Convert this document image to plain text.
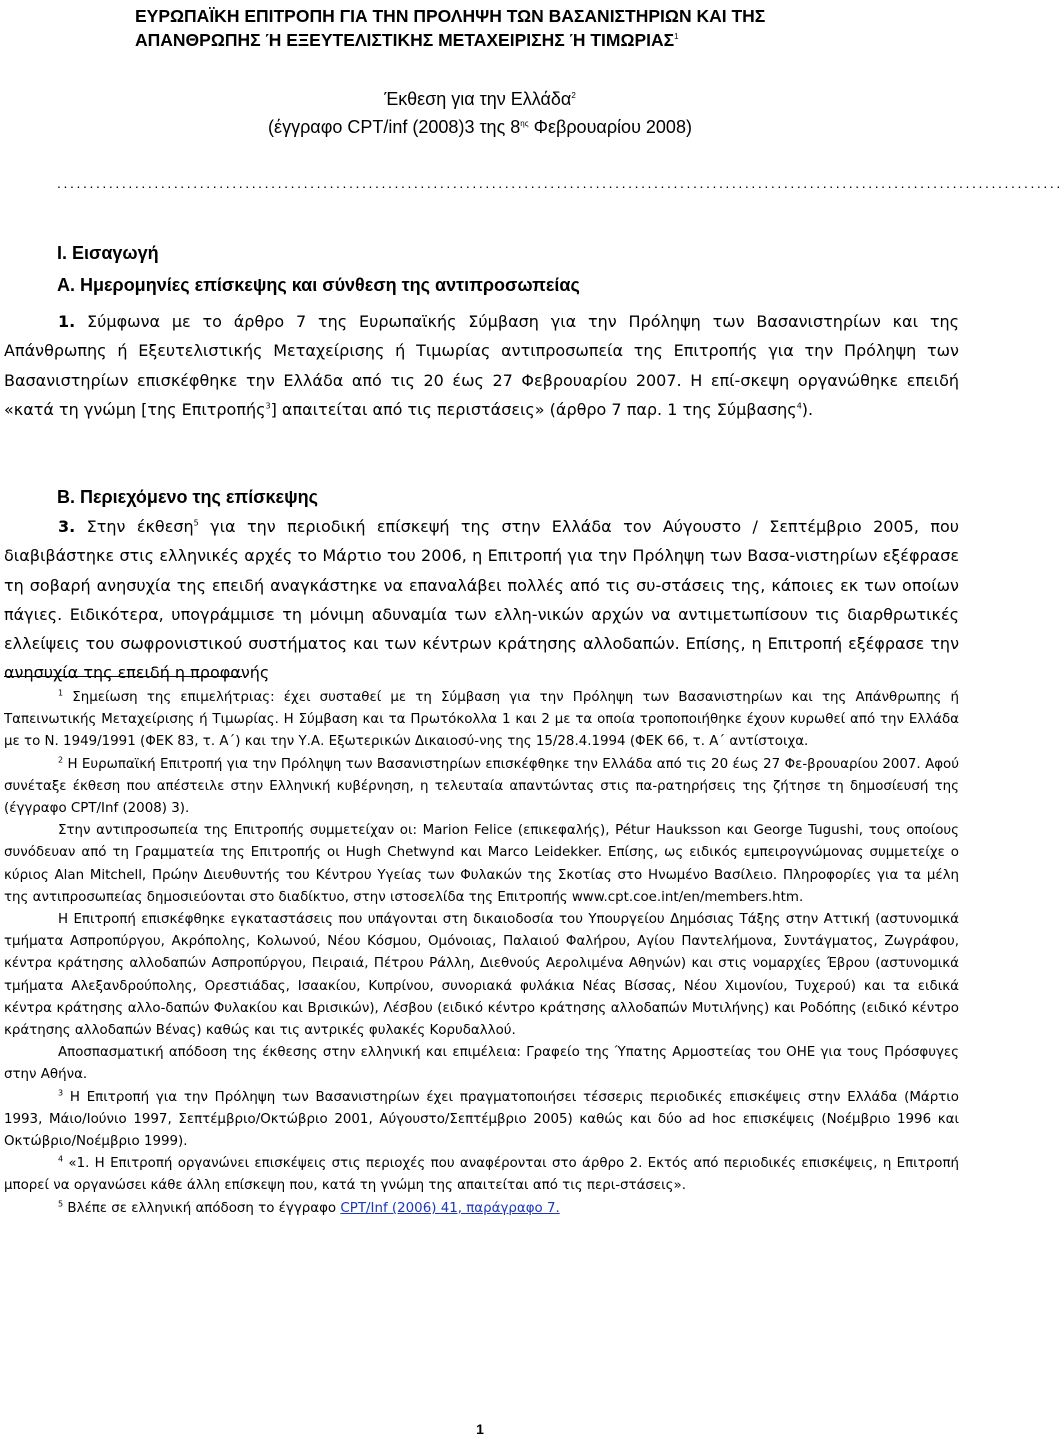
ΕΥΡΩΠΑΪΚΗ ΕΠΙΤΡΟΠΗ ΓΙΑ ΤΗΝ ΠΡΟΛΗΨΗ ΤΩΝ ΒΑΣΑΝΙΣΤΗΡΙΩΝ ΚΑΙ ΤΗΣ
ΑΠΑΝΘΡΩΠΗΣ Ή ΕΞΕΥΤΕΛΙΣΤΙΚΗΣ ΜΕΤΑΧΕΙΡΙΣΗΣ Ή ΤΙΜΩΡΙΑΣ$^1$
Έκθεση για την Ελλάδα$^2$
(έγγραφο CPT/inf (2008)3 της $8^{\eta\varsigma}$ Φεβρουαρίου 2008)
...........................................................................................................................................................
Ι. Εισαγωγή
Α. Ημερομηνίες επίσκεψης και σύνθεση της αντιπροσωπείας
1. Σύμφωνα με το άρθρο 7 της Ευρωπαϊκής Σύμβαση για την Πρόληψη των Βασανιστηρίων και της Απάνθρωπης ή Εξευτελιστικής Μεταχείρισης ή Τιμωρίας αντιπροσωπεία της Επιτροπής για την Πρόληψη των Βασανιστηρίων επισκέφθηκε την Ελλάδα από τις 20 έως 27 Φεβρουαρίου 2007. Η επί-σκεψη οργανώθηκε επειδή «κατά τη γνώμη [της Επιτροπής$^3$] απαιτείται από τις περιστάσεις» (άρθρο 7 παρ. 1 της Σύμβασης$^4$).
Β. Περιεχόμενο της επίσκεψης
3. Στην έκθεση$^5$ για την περιοδική επίσκεψή της στην Ελλάδα τον Αύγουστο / Σεπτέμβριο 2005, που διαβιβάστηκε στις ελληνικές αρχές το Μάρτιο του 2006, η Επιτροπή για την Πρόληψη των Βασα-νιστηρίων εξέφρασε τη σοβαρή ανησυχία της επειδή αναγκάστηκε να επαναλάβει πολλές από τις συ-στάσεις της, κάποιες εκ των οποίων πάγιες. Ειδικότερα, υπογράμμισε τη μόνιμη αδυναμία των ελλη-νικών αρχών να αντιμετωπίσουν τις διαρθρωτικές ελλείψεις του σωφρονιστικού συστήματος και των κέντρων κράτησης αλλοδαπών. Επίσης, η Επιτροπή εξέφρασε την ανησυχία της επειδή η προφανής
$^1$ Σημείωση της επιμελήτριας: έχει συσταθεί με τη Σύμβαση για την Πρόληψη των Βασανιστηρίων και της Απάνθρωπης ή Ταπεινωτικής Μεταχείρισης ή Τιμωρίας. Η Σύμβαση και τα Πρωτόκολλα 1 και 2 με τα οποία τροποποιήθηκε έχουν κυρωθεί από την Ελλάδα με το Ν. 1949/1991 (ΦΕΚ 83, τ. Α΄) και την Υ.Α. Εξωτερικών Δικαιοσύ-νης της 15/28.4.1994 (ΦΕΚ 66, τ. Α΄ αντίστοιχα.
$^2$ Η Ευρωπαϊκή Επιτροπή για την Πρόληψη των Βασανιστηρίων επισκέφθηκε την Ελλάδα από τις 20 έως 27 Φε-βρουαρίου 2007. Αφού συνέταξε έκθεση που απέστειλε στην Ελληνική κυβέρνηση, η τελευταία απαντώντας στις πα-ρατηρήσεις της ζήτησε τη δημοσίευσή της (έγγραφο CPT/Inf (2008) 3).
Στην αντιπροσωπεία της Επιτροπής συμμετείχαν οι: Marion Felice (επικεφαλής), Pétur Hauksson και George Tugushi, τους οποίους συνόδευαν από τη Γραμματεία της Επιτροπής οι Hugh Chetwynd και Marco Leidekker. Επίσης, ως ειδικός εμπειρογνώμονας συμμετείχε ο κύριος Alan Mitchell, Πρώην Διευθυντής του Κέντρου Υγείας των Φυλακών της Σκοτίας στο Ηνωμένο Βασίλειο. Πληροφορίες για τα μέλη της αντιπροσωπείας δημοσιεύονται στο διαδίκτυο, στην ιστοσελίδα της Επιτροπής www.cpt.coe.int/en/members.htm.
Η Επιτροπή επισκέφθηκε εγκαταστάσεις που υπάγονται στη δικαιοδοσία του Υπουργείου Δημόσιας Τάξης στην Αττική (αστυνομικά τμήματα Ασπροπύργου, Ακρόπολης, Κολωνού, Νέου Κόσμου, Ομόνοιας, Παλαιού Φαλήρου, Αγίου Παντελήμονα, Συντάγματος, Ζωγράφου, κέντρα κράτησης αλλοδαπών Ασπροπύργου, Πειραιά, Πέτρου Ράλλη, Διεθνούς Αερολιμένα Αθηνών) και στις νομαρχίες Έβρου (αστυνομικά τμήματα Αλεξανδρούπολης, Ορεστιάδας, Ισαακίου, Κυπρίνου, συνοριακά φυλάκια Νέας Βίσσας, Νέου Χιμονίου, Τυχερού) και τα ειδικά κέντρα κράτησης αλλο-δαπών Φυλακίου και Βρισικών), Λέσβου (ειδικό κέντρο κράτησης αλλοδαπών Μυτιλήνης) και Ροδόπης (ειδικό κέντρο κράτησης αλλοδαπών Βένας) καθώς και τις αντρικές φυλακές Κορυδαλλού.
Αποσπασματική απόδοση της έκθεσης στην ελληνική και επιμέλεια: Γραφείο της Ύπατης Αρμοστείας του ΟΗΕ για τους Πρόσφυγες στην Αθήνα.
$^3$ Η Επιτροπή για την Πρόληψη των Βασανιστηρίων έχει πραγματοποιήσει τέσσερις περιοδικές επισκέψεις στην Ελλάδα (Μάρτιο 1993, Μάιο/Ιούνιο 1997, Σεπτέμβριο/Οκτώβριο 2001, Αύγουστο/Σεπτέμβριο 2005) καθώς και δύο ad hoc επισκέψεις (Νοέμβριο 1996 και Οκτώβριο/Νοέμβριο 1999).
$^4$ «1. Η Επιτροπή οργανώνει επισκέψεις στις περιοχές που αναφέρονται στο άρθρο 2. Εκτός από περιοδικές επισκέψεις, η Επιτροπή μπορεί να οργανώσει κάθε άλλη επίσκεψη που, κατά τη γνώμη της απαιτείται από τις περι-στάσεις».
$^5$ Βλέπε σε ελληνική απόδοση το έγγραφο CPT/Inf (2006) 41, παράγραφο 7.
1
